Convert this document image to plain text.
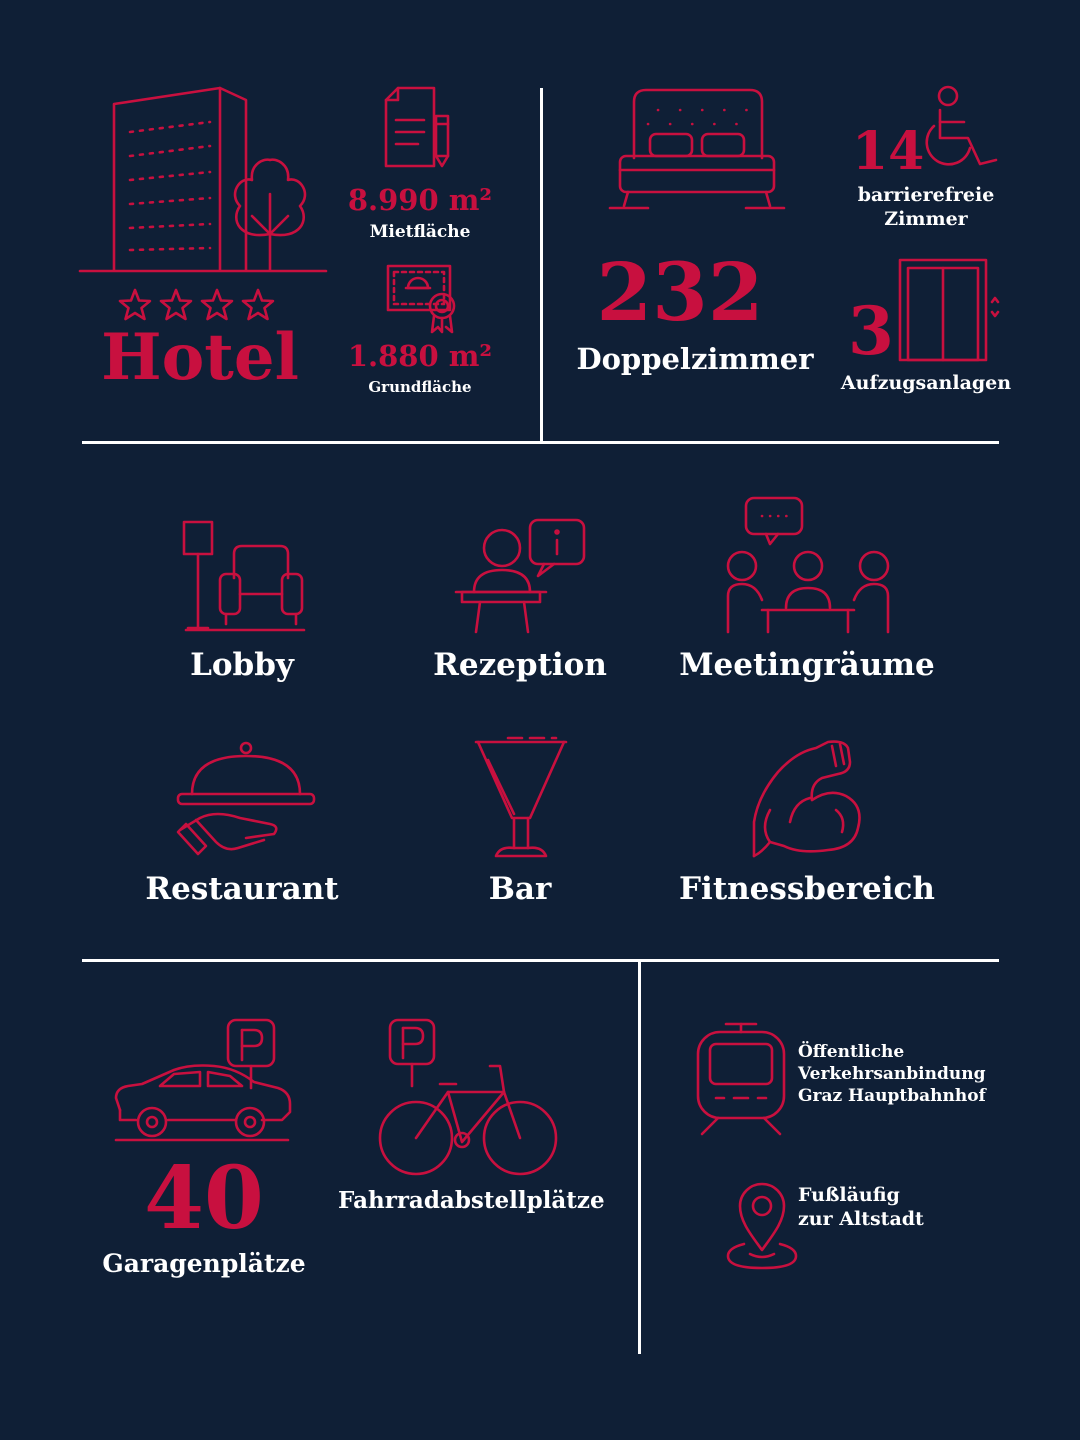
Hotel
8.990 m²
Mietfläche
1.880 m²
Grundfläche
232
Doppelzimmer
14
barrierefreie
Zimmer
3
Aufzugsanlagen
Lobby	Rezeption	Meetingräume
Restaurant	Bar	Fitnessbereich
40
Garagenplätze
Fahrradabstellplätze
Öffentliche
Verkehrsanbindung
Graz Hauptbahnhof
Fußläufig
zur Altstadt
